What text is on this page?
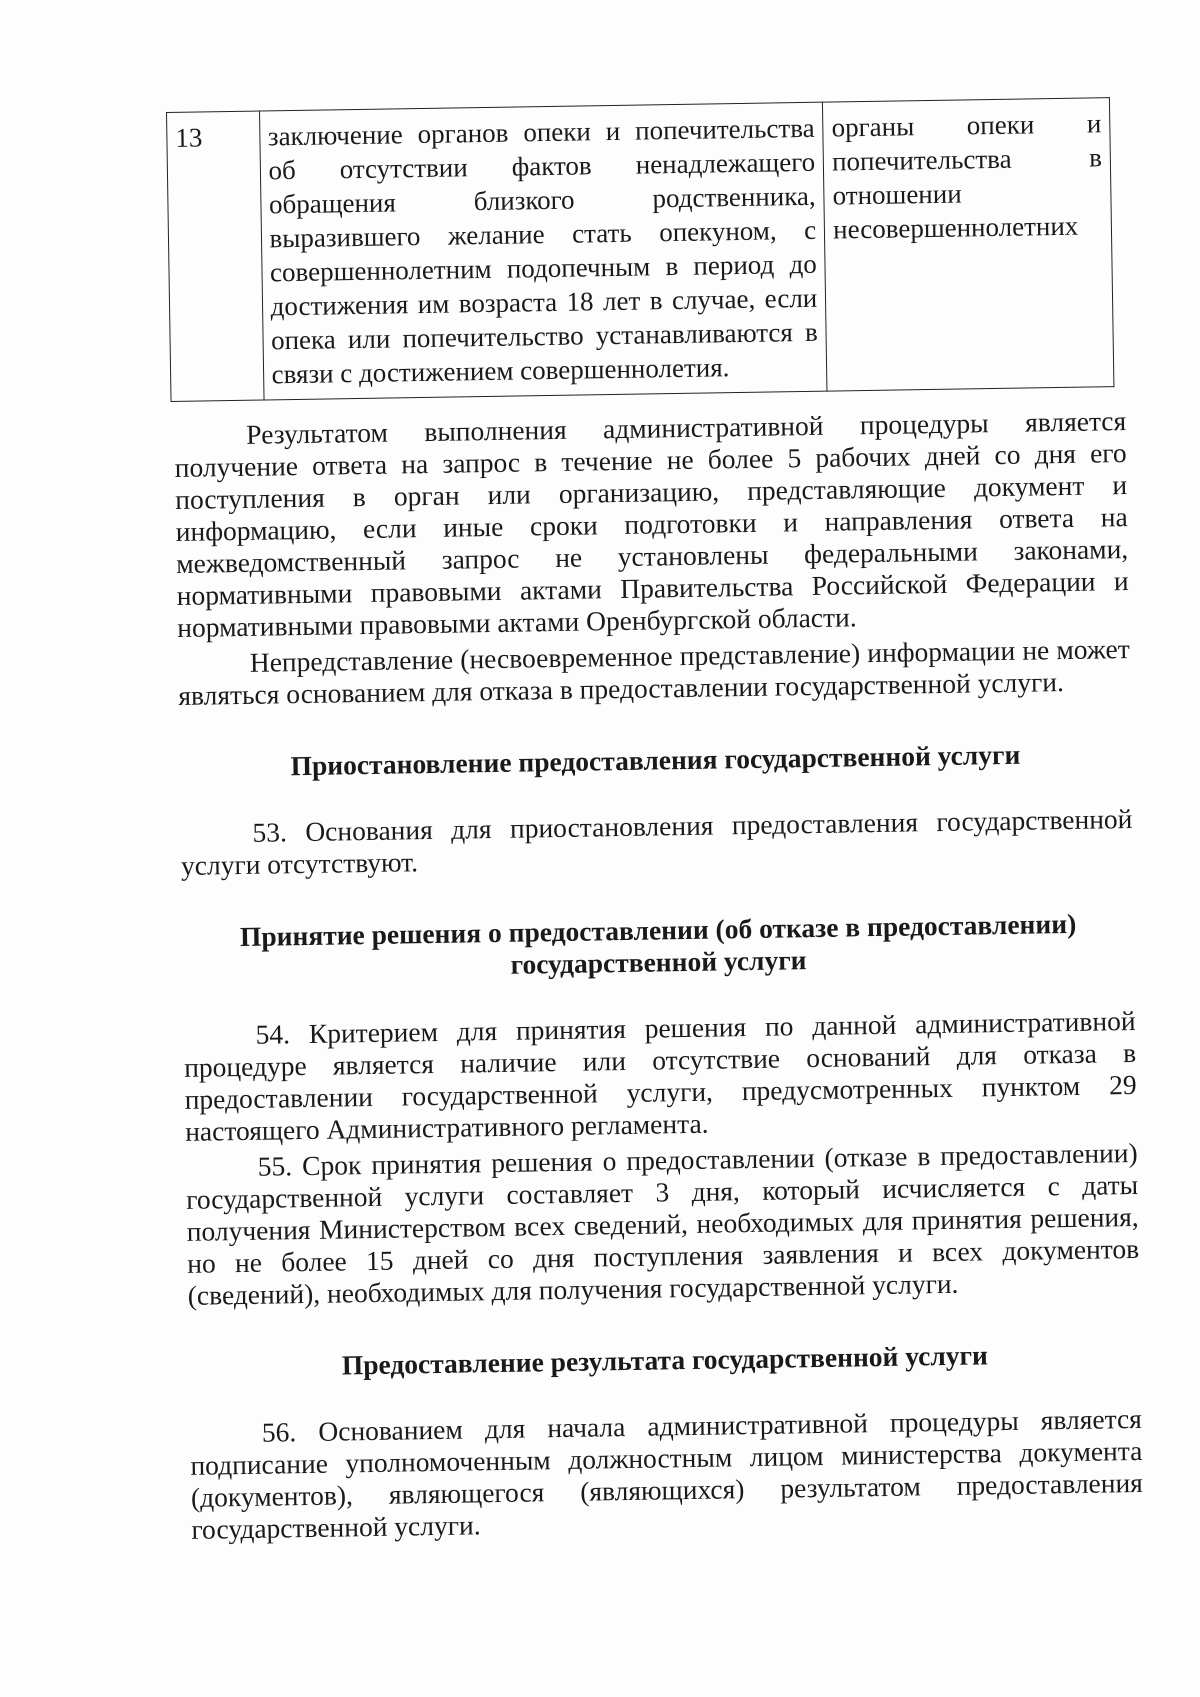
13	заключение органов опеки и попечительства об отсутствии фактов ненадлежащего обращения близкого родственника, выразившего желание стать опекуном, с совершеннолетним подопечным в период до достижения им возраста 18 лет в случае, если опека или попечительство устанавливаются в связи с достижением совершеннолетия.	органы опеки и попечительства в отношении несовершеннолетних

Результатом выполнения административной процедуры является получение ответа на запрос в течение не более 5 рабочих дней со дня его поступления в орган или организацию, представляющие документ и информацию, если иные сроки подготовки и направления ответа на межведомственный запрос не установлены федеральными законами, нормативными правовыми актами Правительства Российской Федерации и нормативными правовыми актами Оренбургской области.

Непредставление (несвоевременное представление) информации не может являться основанием для отказа в предоставлении государственной услуги.

Приостановление предоставления государственной услуги

53. Основания для приостановления предоставления государственной услуги отсутствуют.

Принятие решения о предоставлении (об отказе в предоставлении)

государственной услуги

54. Критерием для принятия решения по данной административной процедуре является наличие или отсутствие оснований для отказа в предоставлении государственной услуги, предусмотренных пунктом 29 настоящего Административного регламента.

55. Срок принятия решения о предоставлении (отказе в предоставлении) государственной услуги составляет 3 дня, который исчисляется с даты получения Министерством всех сведений, необходимых для принятия решения, но не более 15 дней со дня поступления заявления и всех документов (сведений), необходимых для получения государственной услуги.

Предоставление результата государственной услуги

56. Основанием для начала административной процедуры является подписание уполномоченным должностным лицом министерства документа (документов), являющегося (являющихся) результатом предоставления государственной услуги.
